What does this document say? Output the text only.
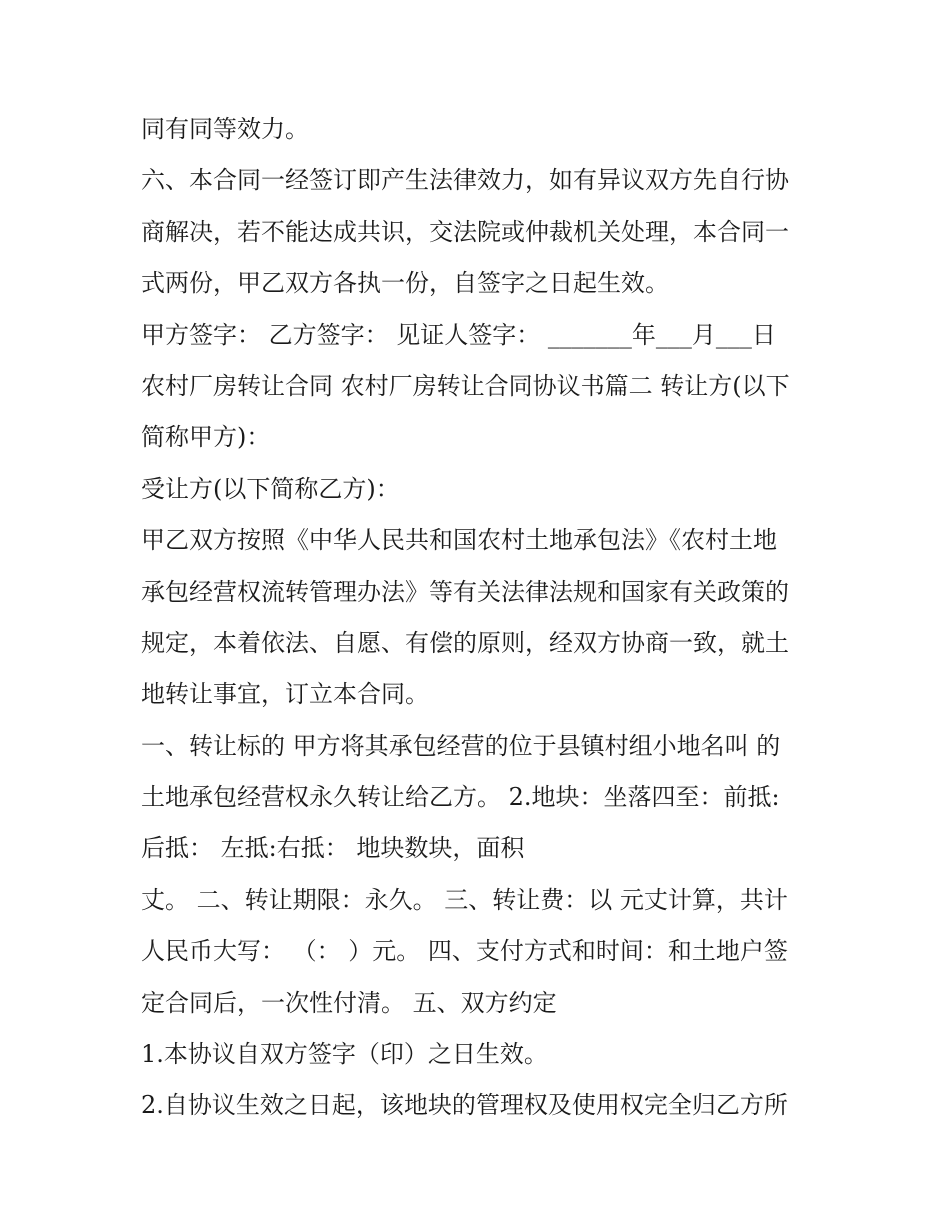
同有同等效力。
六、本合同一经签订即产生法律效力，如有异议双方先自行协
商解决，若不能达成共识，交法院或仲裁机关处理，本合同一
式两份，甲乙双方各执一份，自签字之日起生效。
甲方签字： 乙方签字： 见证人签字： _______年___月___日
农村厂房转让合同 农村厂房转让合同协议书篇二 转让方(以下
简称甲方)：
受让方(以下简称乙方)：
甲乙双方按照《中华人民共和国农村土地承包法》《农村土地
承包经营权流转管理办法》等有关法律法规和国家有关政策的
规定，本着依法、自愿、有偿的原则，经双方协商一致，就土
地转让事宜，订立本合同。
一、转让标的 甲方将其承包经营的位于县镇村组小地名叫 的
土地承包经营权永久转让给乙方。 2.地块：坐落四至：前抵:
后抵： 左抵:右抵： 地块数块，面积
丈。 二、转让期限：永久。 三、转让费：以 元丈计算，共计
人民币大写： （： ）元。 四、支付方式和时间：和土地户签
定合同后，一次性付清。 五、双方约定
1.本协议自双方签字（印）之日生效。
2.自协议生效之日起，该地块的管理权及使用权完全归乙方所
